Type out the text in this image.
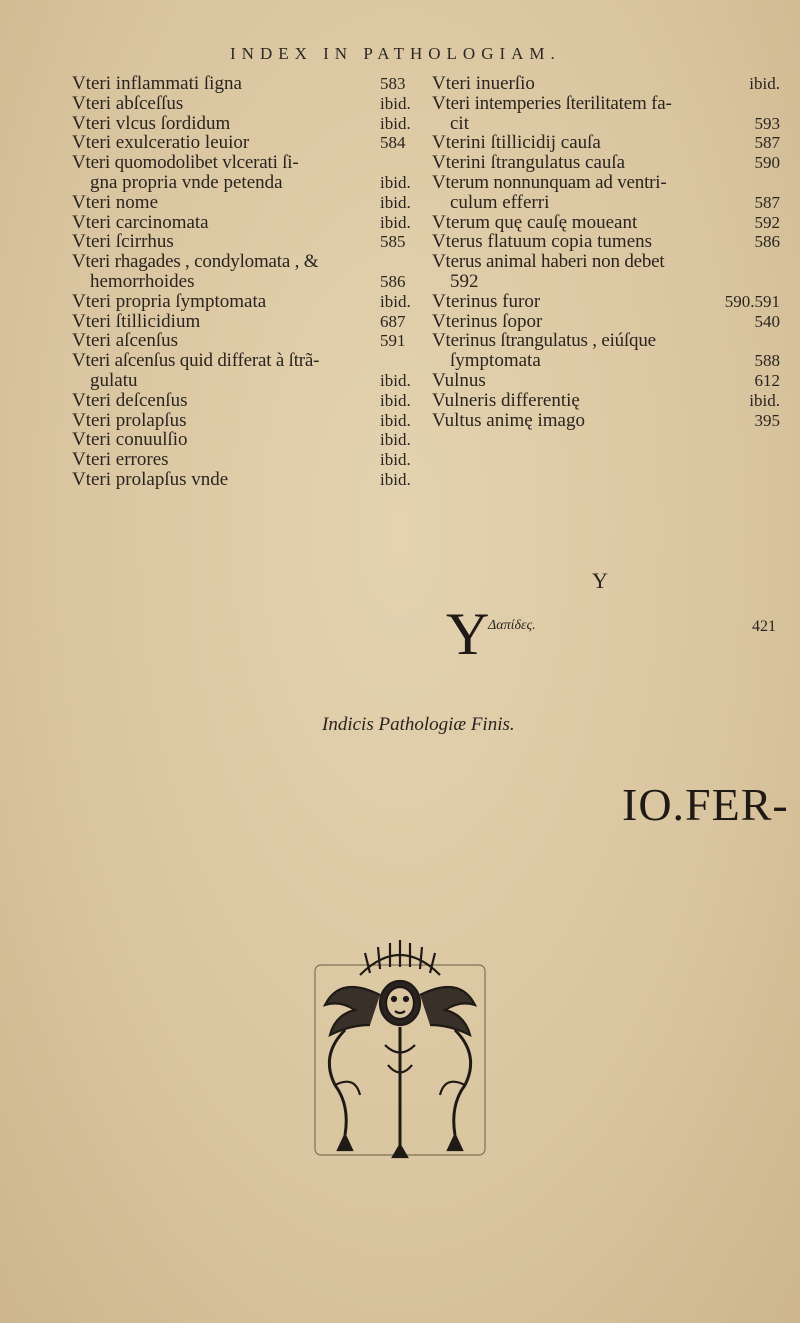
INDEX IN PATHOLOGIAM.
Vteri inflammati ſigna	583
Vteri abſceſſus	ibid.
Vteri vlcus ſordidum	ibid.
Vteri exulceratio leuior	584
Vteri quomodolibet vlcerati ſi-
gna propria vnde petenda	ibid.
Vteri nome	ibid.
Vteri carcinomata	ibid.
Vteri ſcirrhus	585
Vteri rhagades , condylomata , &
hemorrhoides	586
Vteri propria ſymptomata	ibid.
Vteri ſtillicidium	687
Vteri aſcenſus	591
Vteri aſcenſus quid differat à ſtrã-
gulatu	ibid.
Vteri deſcenſus	ibid.
Vteri prolapſus	ibid.
Vteri conuulſio	ibid.
Vteri errores	ibid.
Vteri prolapſus vnde	ibid.
Vteri inuerſio	ibid.
Vteri intemperies ſterilitatem fa-
cit	593
Vterini ſtillicidij cauſa	587
Vterini ſtrangulatus cauſa	590
Vterum nonnunquam ad ventri-
culum efferri	587
Vterum quę cauſę moueant	592
Vterus flatuum copia tumens	586
Vterus animal haberi non debet
592
Vterinus furor	590.591
Vterinus ſopor	540
Vterinus ſtrangulatus , eiúſque
ſymptomata	588
Vulnus	612
Vulneris differentię	ibid.
Vultus animę imago	395
Y
Y
Δαπίδες.	421
Indicis Pathologiæ Finis.
IO.FER-
